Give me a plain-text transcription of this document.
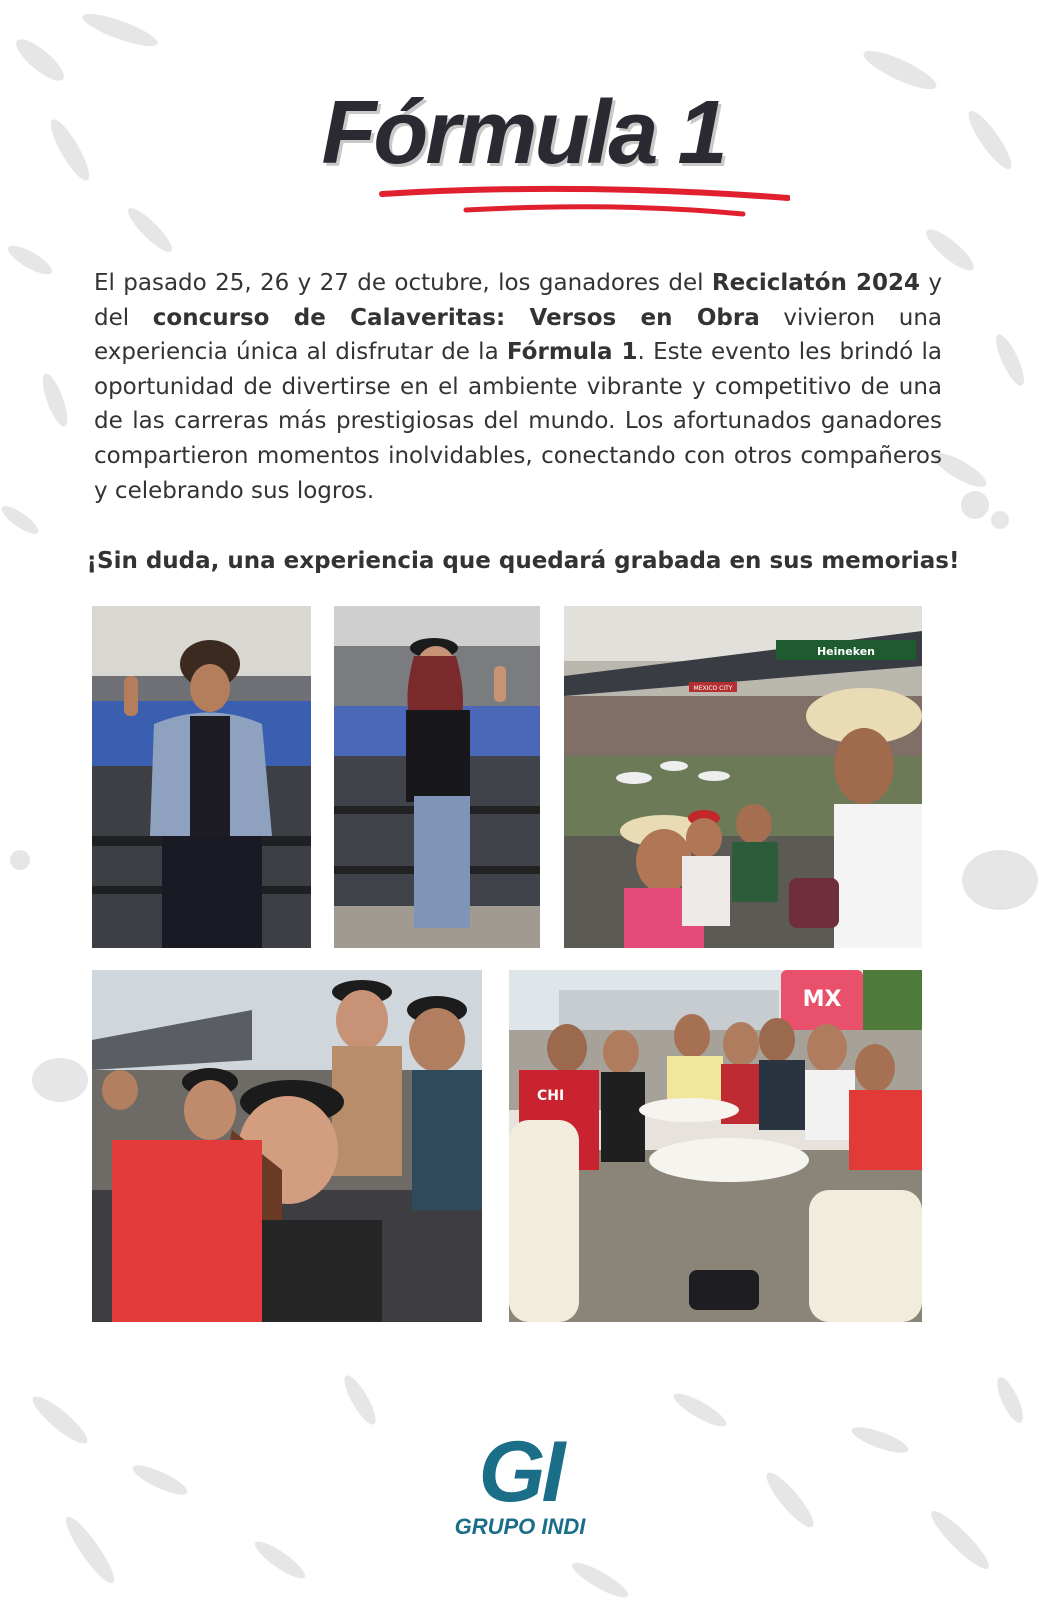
Fórmula 1
El pasado 25, 26 y 27 de octubre, los ganadores del Reciclatón 2024 y del concurso de Calaveritas: Versos en Obra vivieron una experiencia única al disfrutar de la Fórmula 1. Este evento les brindó la oportunidad de divertirse en el ambiente vibrante y competitivo de una de las carreras más prestigiosas del mundo. Los afortunados ganadores compartieron momentos inolvidables, conectando con otros compañeros y celebrando sus logros.
¡Sin duda, una experiencia que quedará grabada en sus memorias!
Heineken
MEXICO CITY
MX
CHI
GI
GRUPO INDI
